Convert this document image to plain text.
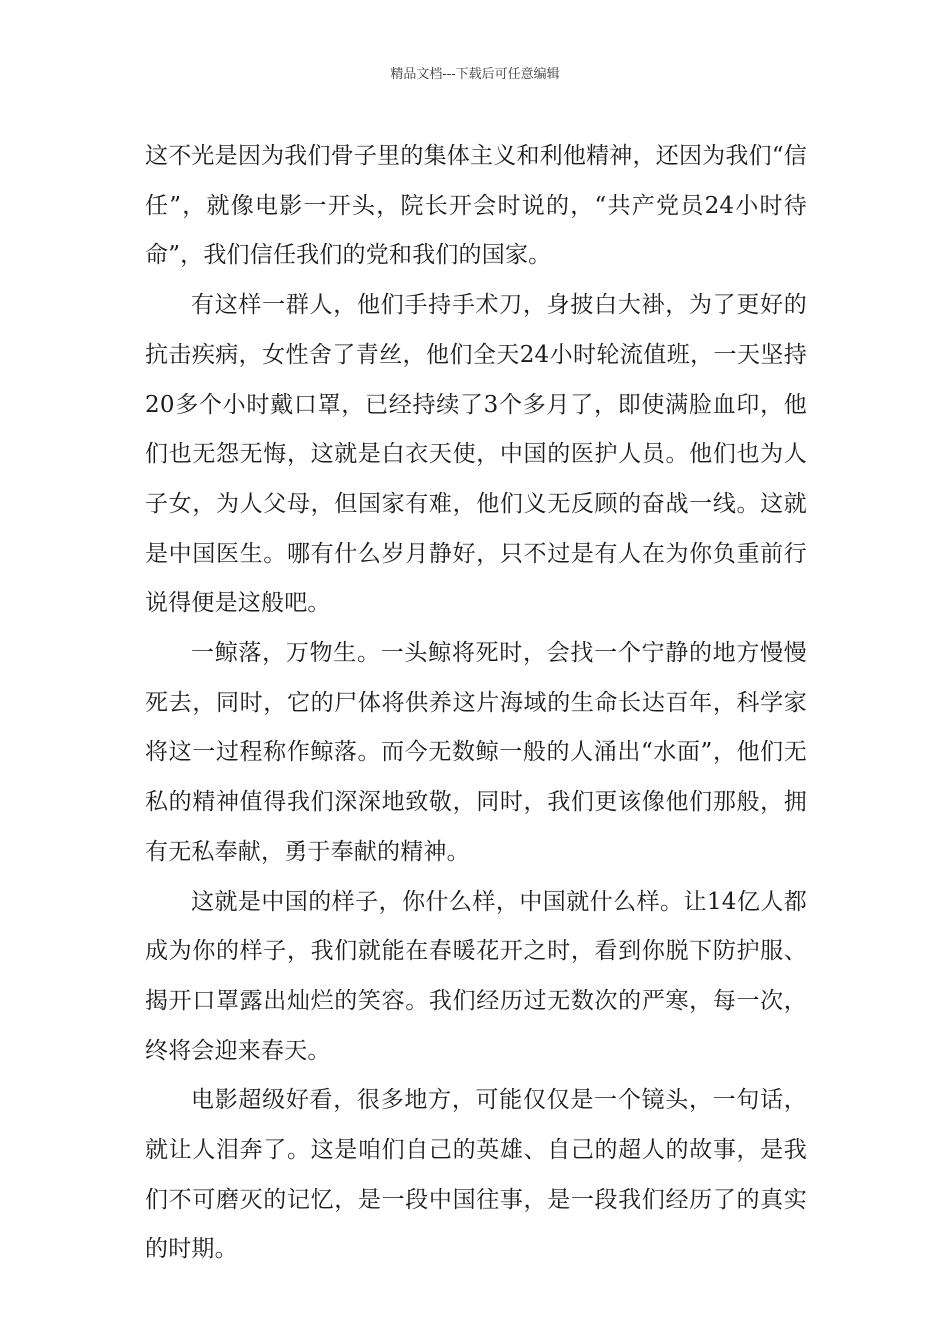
精品文档---下载后可任意编辑

这不光是因为我们骨子里的集体主义和利他精神，还因为我们“信任”，就像电影一开头，院长开会时说的，“共产党员24小时待命”，我们信任我们的党和我们的国家。

有这样一群人，他们手持手术刀，身披白大褂，为了更好的抗击疾病，女性舍了青丝，他们全天24小时轮流值班，一天坚持20多个小时戴口罩，已经持续了3个多月了，即使满脸血印，他们也无怨无悔，这就是白衣天使，中国的医护人员。他们也为人子女，为人父母，但国家有难，他们义无反顾的奋战一线。这就是中国医生。哪有什么岁月静好，只不过是有人在为你负重前行说得便是这般吧。

一鲸落，万物生。一头鲸将死时，会找一个宁静的地方慢慢死去，同时，它的尸体将供养这片海域的生命长达百年，科学家将这一过程称作鲸落。而今无数鲸一般的人涌出“水面”，他们无私的精神值得我们深深地致敬，同时，我们更该像他们那般，拥有无私奉献，勇于奉献的精神。

这就是中国的样子，你什么样，中国就什么样。让14亿人都成为你的样子，我们就能在春暖花开之时，看到你脱下防护服、揭开口罩露出灿烂的笑容。我们经历过无数次的严寒，每一次，终将会迎来春天。

电影超级好看，很多地方，可能仅仅是一个镜头，一句话，就让人泪奔了。这是咱们自己的英雄、自己的超人的故事，是我们不可磨灭的记忆，是一段中国往事，是一段我们经历了的真实的时期。
